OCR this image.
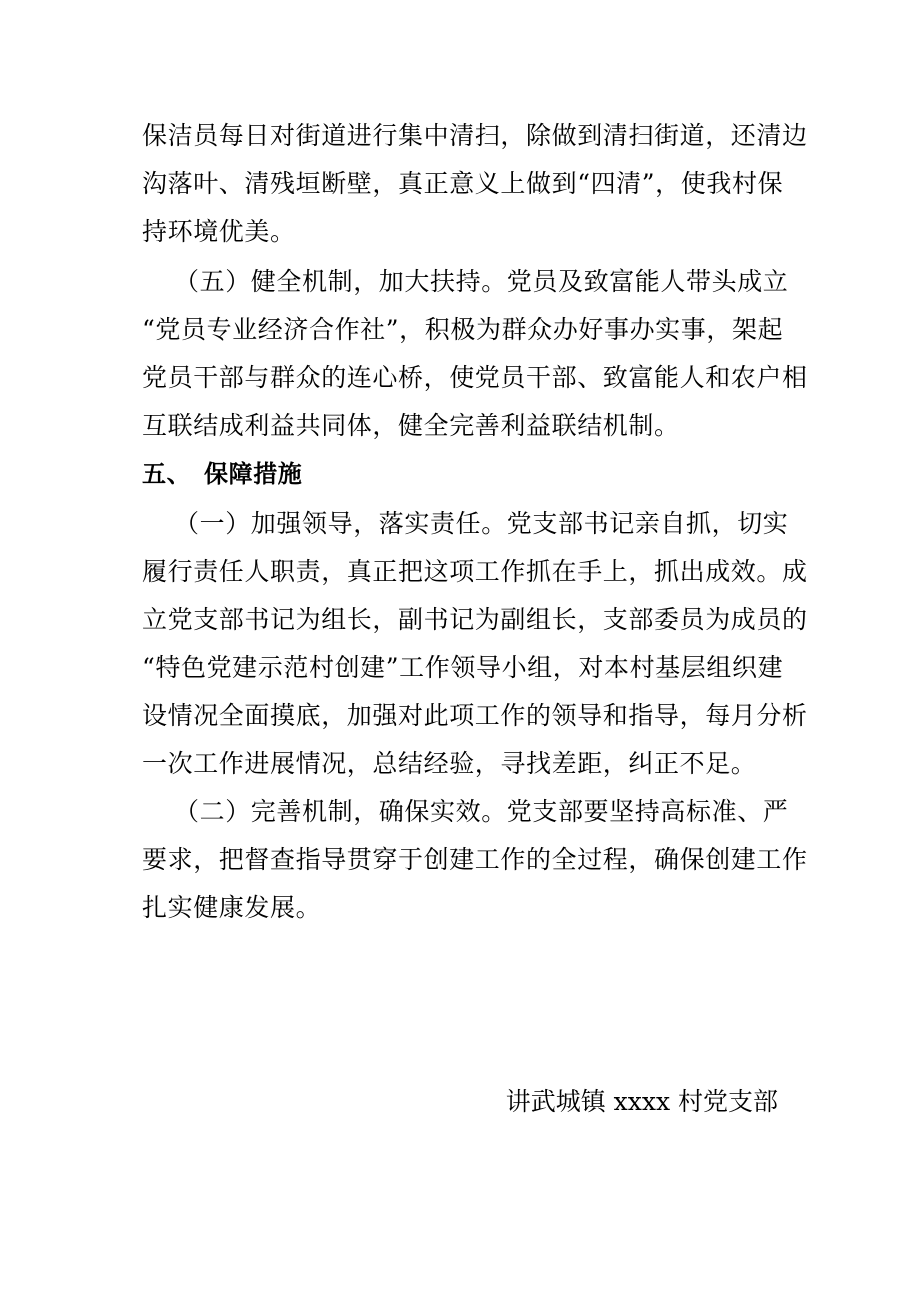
保洁员每日对街道进行集中清扫，除做到清扫街道，还清边
沟落叶、清残垣断壁，真正意义上做到“四清”，使我村保
持环境优美。
（五）健全机制，加大扶持。党员及致富能人带头成立
“党员专业经济合作社”，积极为群众办好事办实事，架起
党员干部与群众的连心桥，使党员干部、致富能人和农户相
互联结成利益共同体，健全完善利益联结机制。
五、 保障措施
（一）加强领导，落实责任。党支部书记亲自抓，切实
履行责任人职责，真正把这项工作抓在手上，抓出成效。成
立党支部书记为组长，副书记为副组长，支部委员为成员的
“特色党建示范村创建”工作领导小组，对本村基层组织建
设情况全面摸底，加强对此项工作的领导和指导，每月分析
一次工作进展情况，总结经验，寻找差距，纠正不足。
（二）完善机制，确保实效。党支部要坚持高标准、严
要求，把督查指导贯穿于创建工作的全过程，确保创建工作
扎实健康发展。
讲武城镇 xxxx 村党支部
